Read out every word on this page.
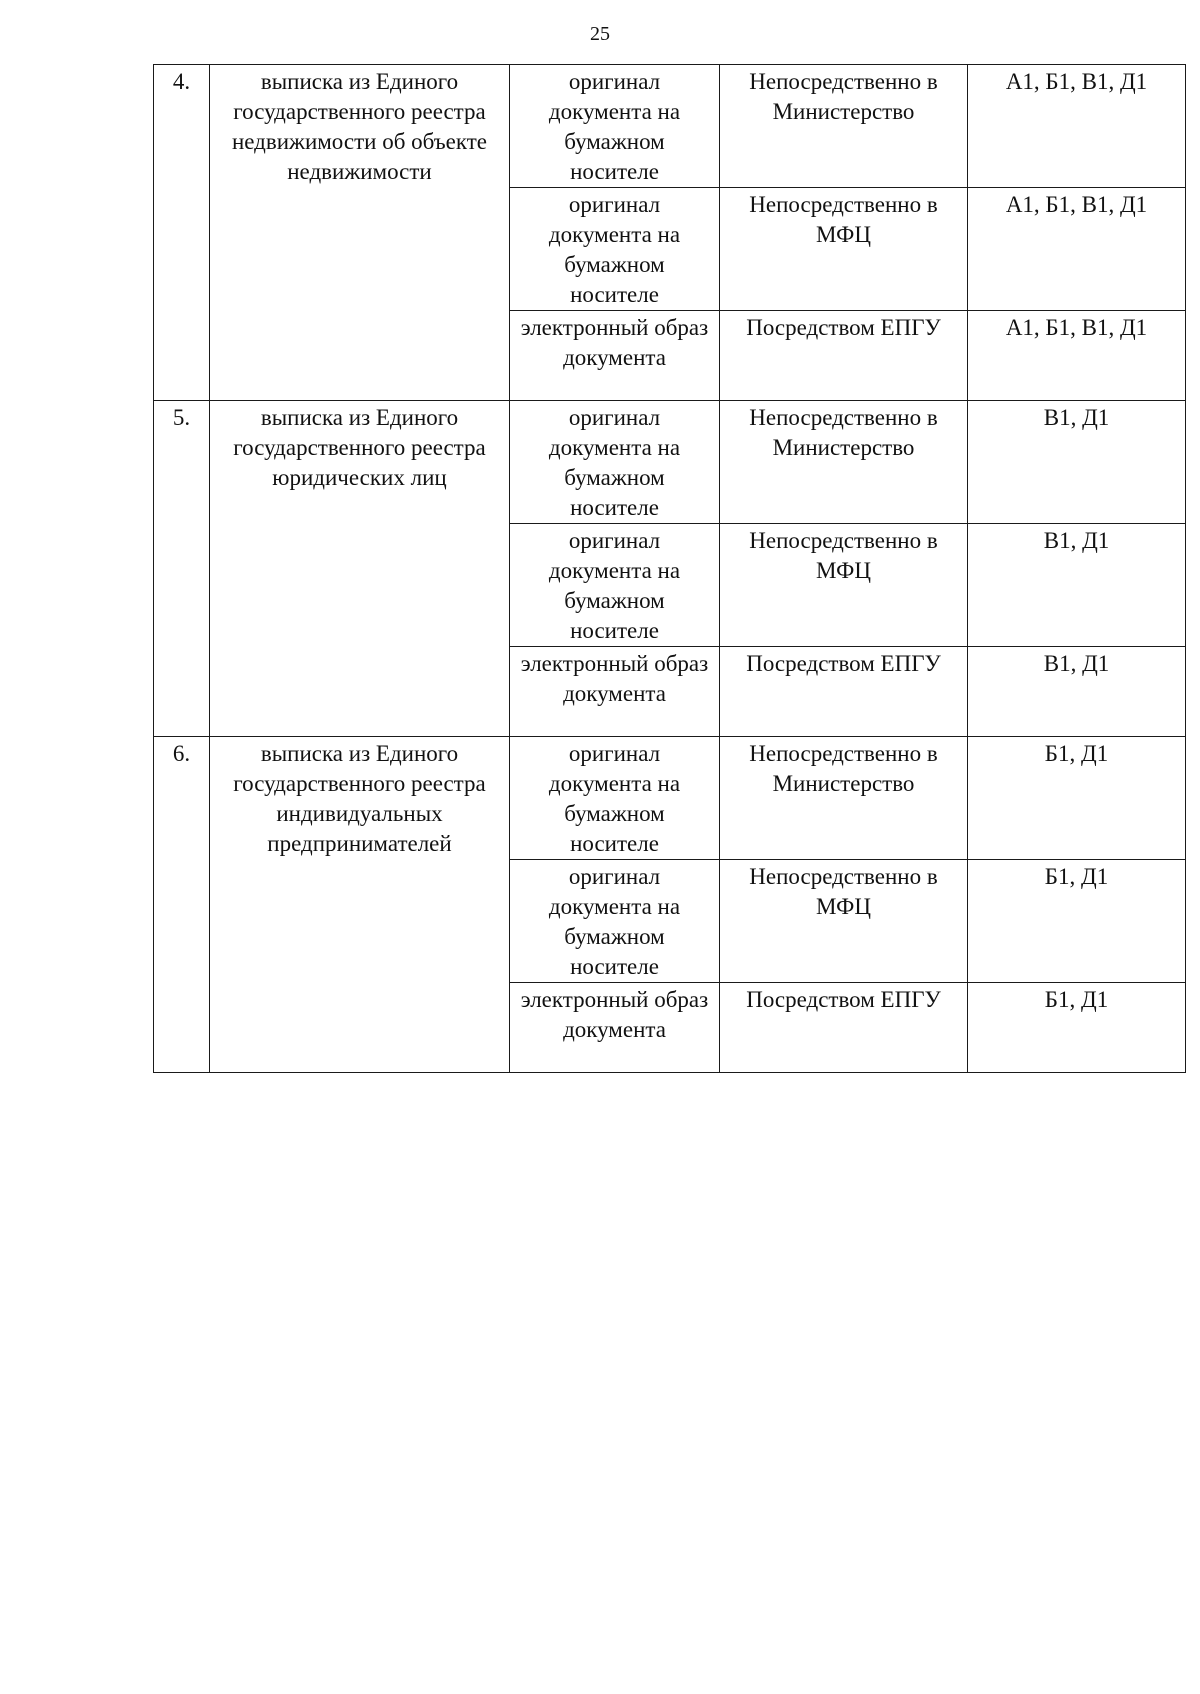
25
4.	выписка из Единого государственного реестра недвижимости об объекте недвижимости	оригинал документа на бумажном носителе	Непосредственно в Министерство	А1, Б1, В1, Д1

		оригинал документа на бумажном носителе	Непосредственно в МФЦ	А1, Б1, В1, Д1

		электронный образ документа	Посредством ЕПГУ	А1, Б1, В1, Д1

5.	выписка из Единого государственного реестра юридических лиц	оригинал документа на бумажном носителе	Непосредственно в Министерство	В1, Д1

		оригинал документа на бумажном носителе	Непосредственно в МФЦ	В1, Д1

		электронный образ документа	Посредством ЕПГУ	В1, Д1

6.	выписка из Единого государственного реестра индивидуальных предпринимателей	оригинал документа на бумажном носителе	Непосредственно в Министерство	Б1, Д1

		оригинал документа на бумажном носителе	Непосредственно в МФЦ	Б1, Д1

		электронный образ документа	Посредством ЕПГУ	Б1, Д1
